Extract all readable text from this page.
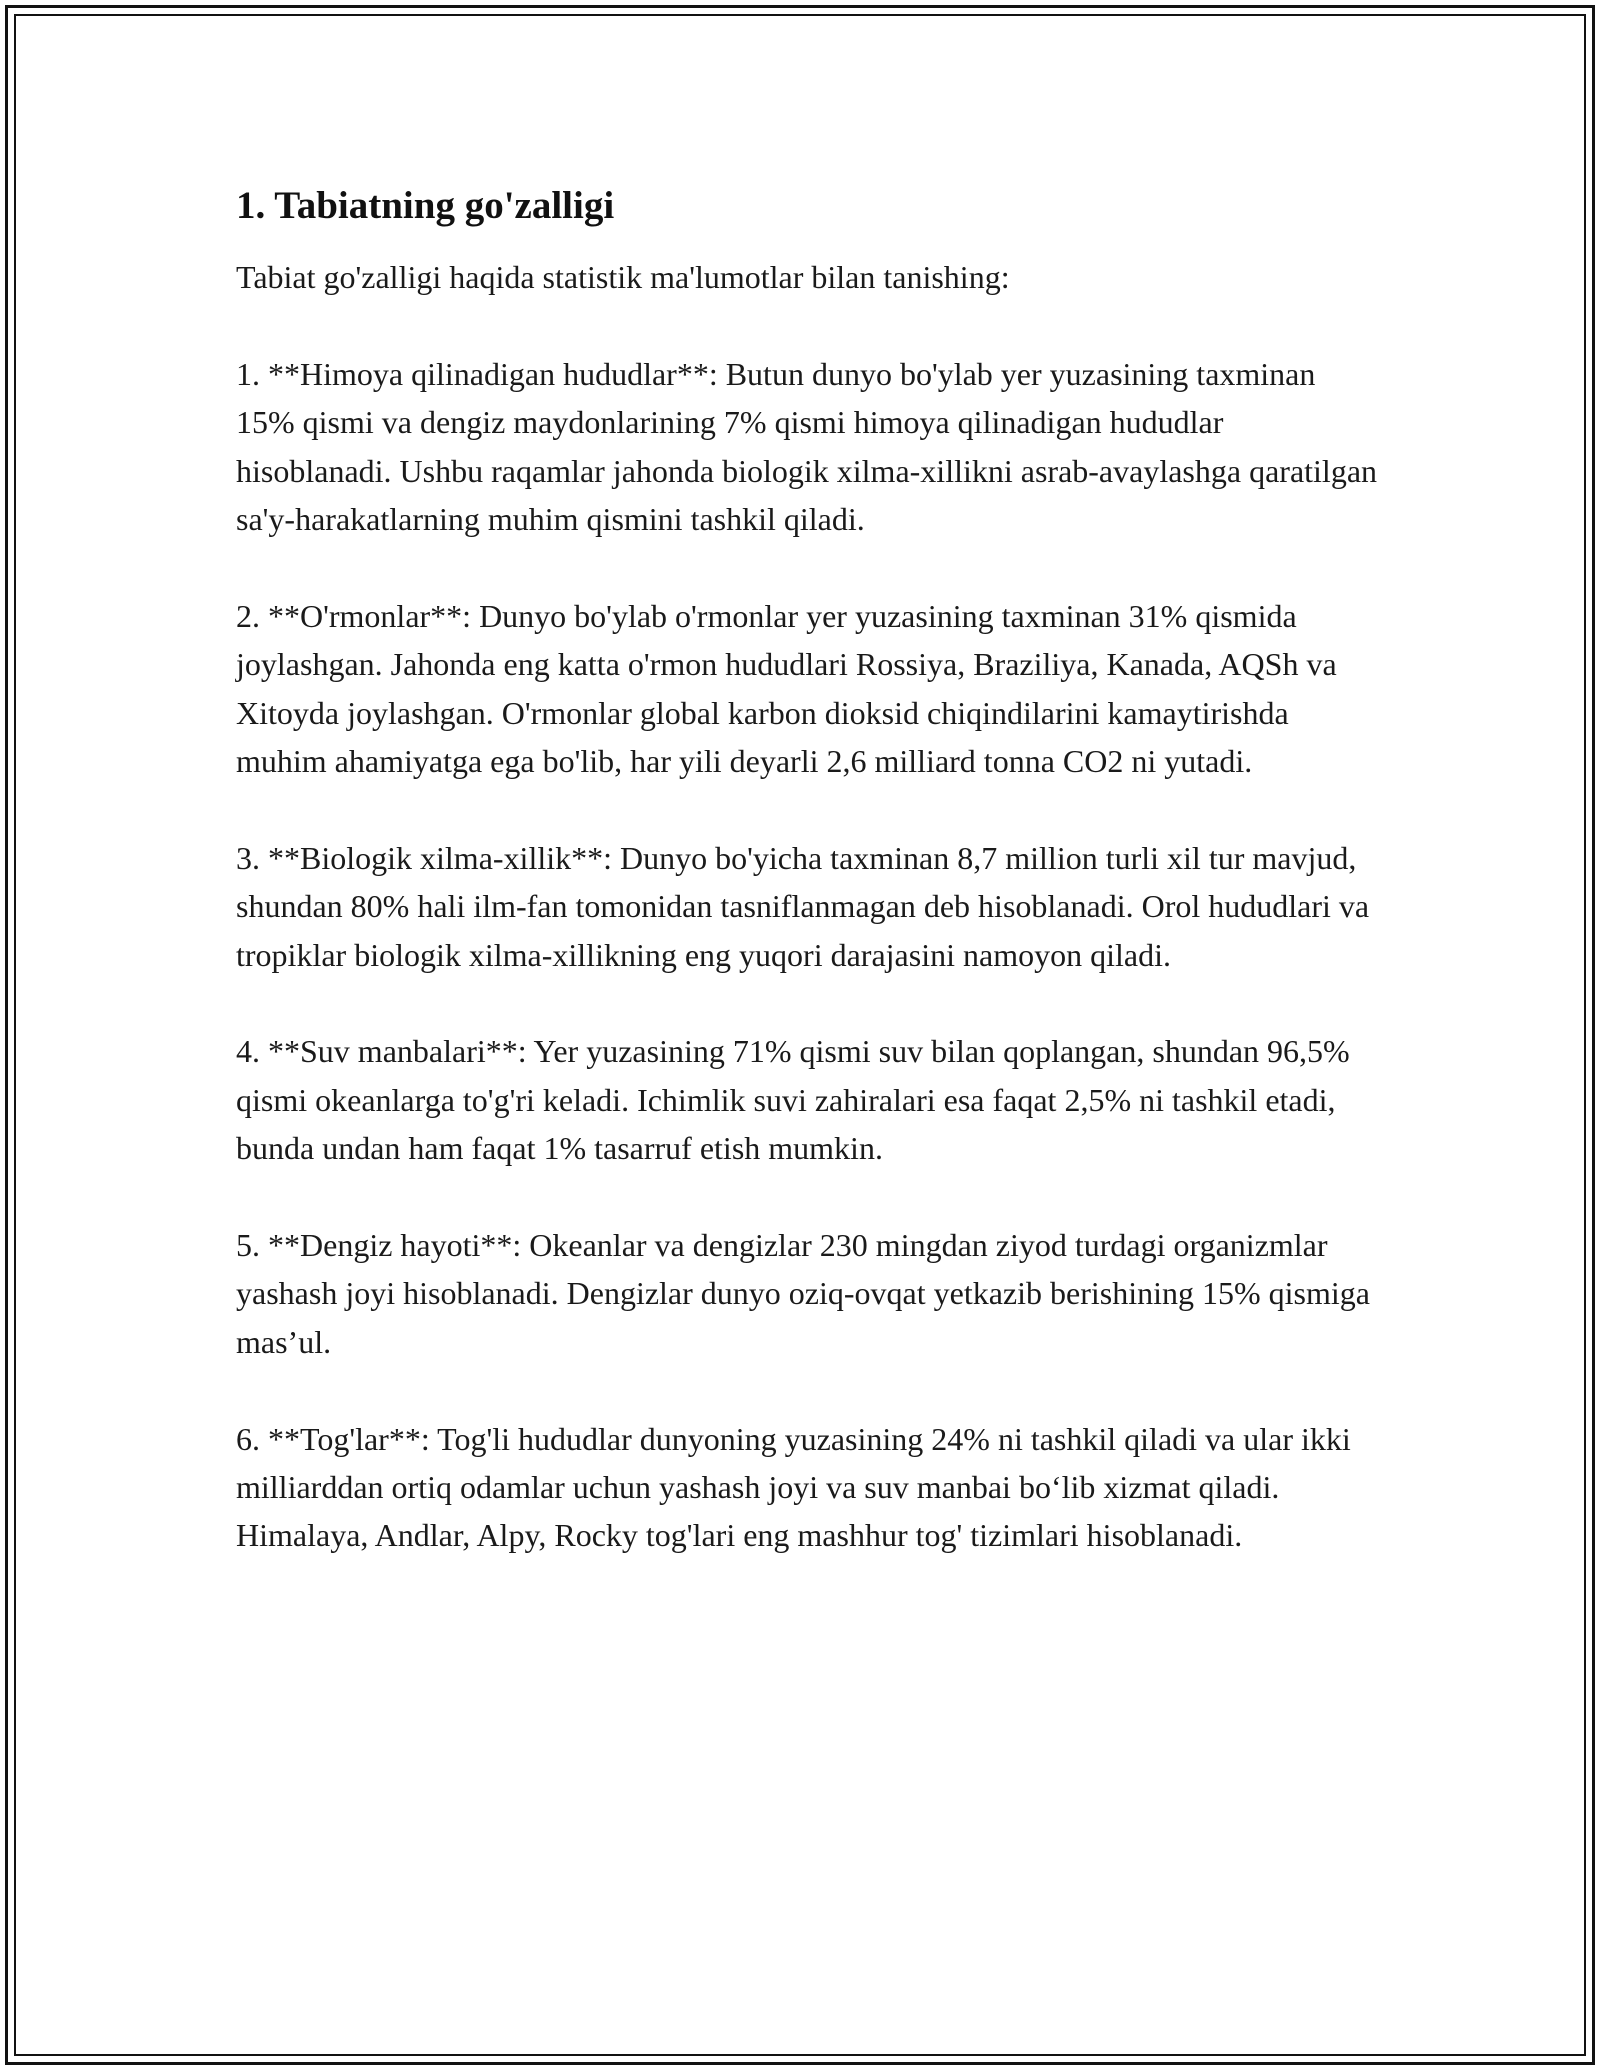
1. Tabiatning go'zalligi

Tabiat go'zalligi haqida statistik ma'lumotlar bilan tanishing:

1. **Himoya qilinadigan hududlar**: Butun dunyo bo'ylab yer yuzasining taxminan 15% qismi va dengiz maydonlarining 7% qismi himoya qilinadigan hududlar hisoblanadi. Ushbu raqamlar jahonda biologik xilma-xillikni asrab-avaylashga qaratilgan sa'y-harakatlarning muhim qismini tashkil qiladi.

2. **O'rmonlar**: Dunyo bo'ylab o'rmonlar yer yuzasining taxminan 31% qismida joylashgan. Jahonda eng katta o'rmon hududlari Rossiya, Braziliya, Kanada, AQSh va Xitoyda joylashgan. O'rmonlar global karbon dioksid chiqindilarini kamaytirishda muhim ahamiyatga ega bo'lib, har yili deyarli 2,6 milliard tonna CO2 ni yutadi.

3. **Biologik xilma-xillik**: Dunyo bo'yicha taxminan 8,7 million turli xil tur mavjud, shundan 80% hali ilm-fan tomonidan tasniflanmagan deb hisoblanadi. Orol hududlari va tropiklar biologik xilma-xillikning eng yuqori darajasini namoyon qiladi.

4. **Suv manbalari**: Yer yuzasining 71% qismi suv bilan qoplangan, shundan 96,5% qismi okeanlarga to'g'ri keladi. Ichimlik suvi zahiralari esa faqat 2,5% ni tashkil etadi, bunda undan ham faqat 1% tasarruf etish mumkin.

5. **Dengiz hayoti**: Okeanlar va dengizlar 230 mingdan ziyod turdagi organizmlar yashash joyi hisoblanadi. Dengizlar dunyo oziq-ovqat yetkazib berishining 15% qismiga mas’ul.

6. **Tog'lar**: Tog'li hududlar dunyoning yuzasining 24% ni tashkil qiladi va ular ikki milliarddan ortiq odamlar uchun yashash joyi va suv manbai bo‘lib xizmat qiladi. Himalaya, Andlar, Alpy, Rocky tog'lari eng mashhur tog' tizimlari hisoblanadi.
